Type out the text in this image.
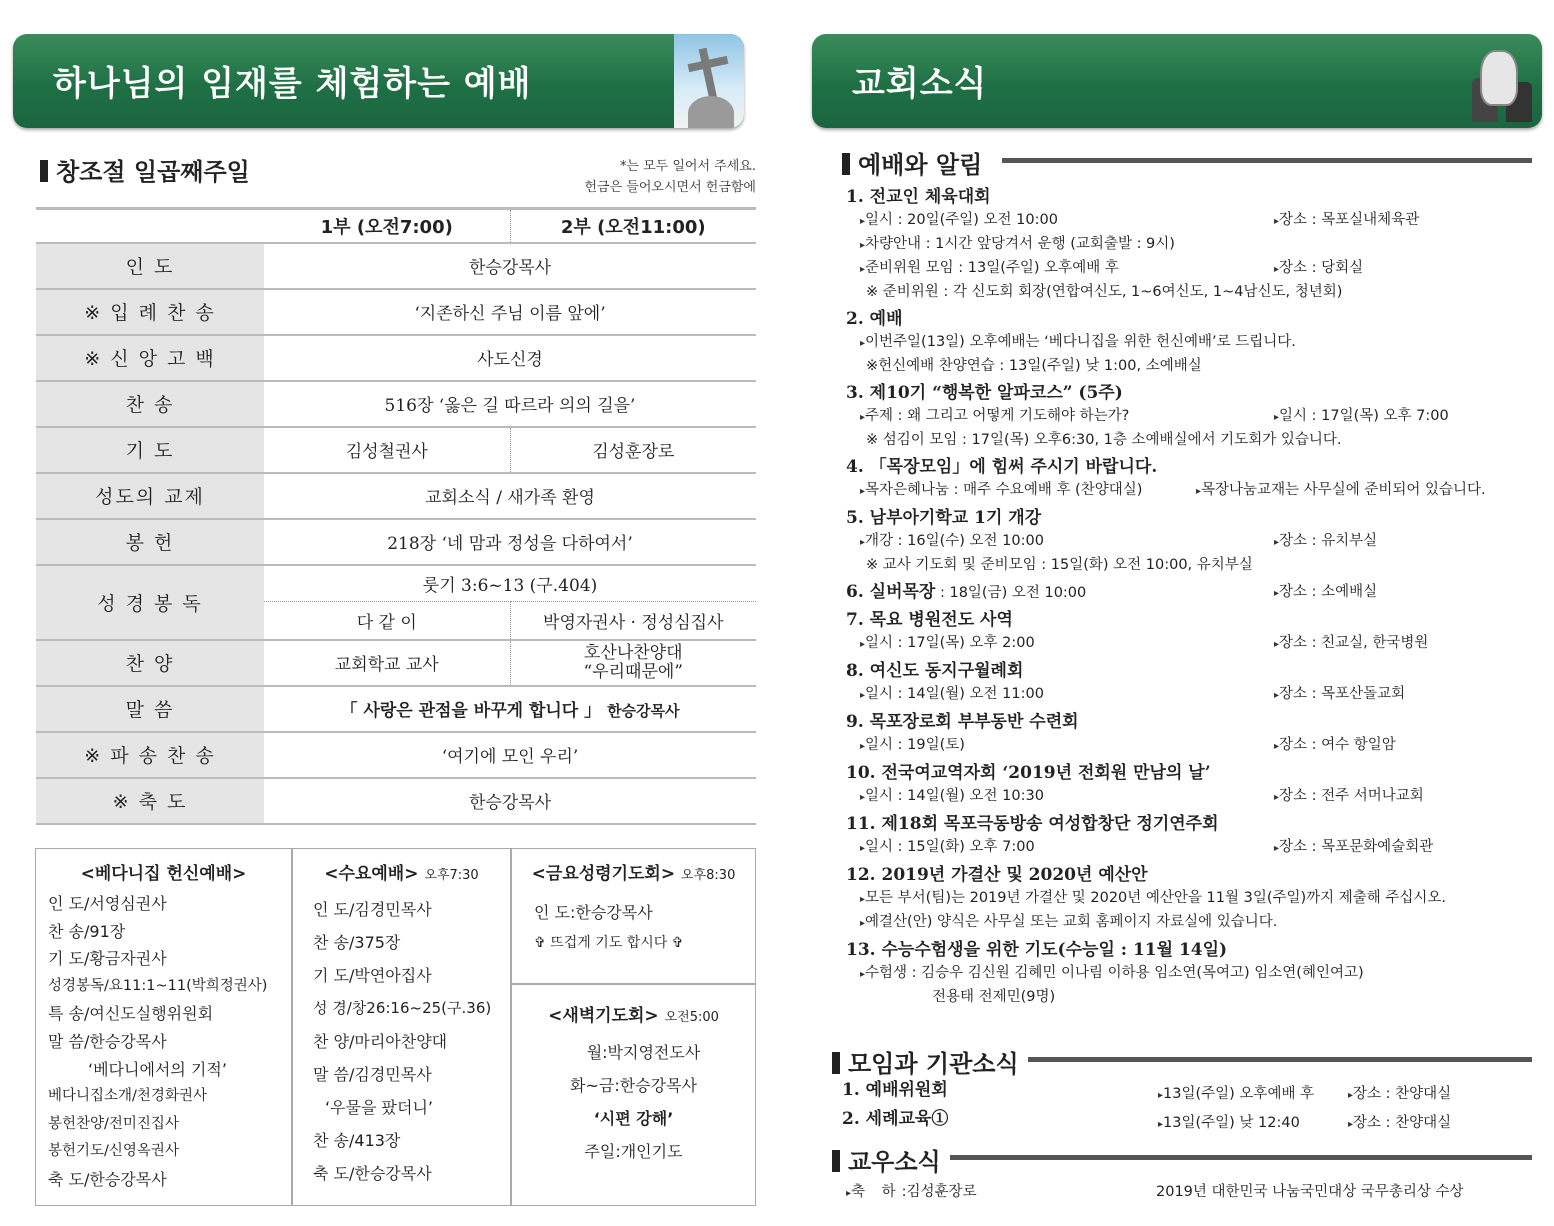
하나님의 임재를 체험하는 예배	교회소식
창조절 일곱째주일	*는 모두 일어서 주세요.
헌금은 들어오시면서 헌금함에
	1부 (오전7:00)	2부 (오전11:00)
인 도	한승강목사	
※ 입 례 찬 송	‘지존하신 주님 이름 앞에’	
※ 신 앙 고 백	사도신경	
찬 송	516장 ‘옳은 길 따르라 의의 길을’	
기 도	김성철권사	김성훈장로
성도의 교제	교회소식 / 새가족 환영	
봉 헌	218장 ‘네 맘과 정성을 다하여서’	
성 경 봉 독	룻기 3:6~13 (구.404)	
	다 같 이	박영자권사 · 정성심집사
찬 양	교회학교 교사	호산나찬양대
“우리때문에”

말 씀	「 사랑은 관점을 바꾸게 합니다 」 한승강목사	
※ 파 송 찬 송	‘여기에 모인 우리’	
※ 축 도	한승강목사	
<베다니집 헌신예배>
인 도/서영심권사
찬 송/91장
기 도/황금자권사
성경봉독/요11:1~11(박희정권사)
특 송/여신도실행위원회
말 씀/한승강목사
‘베다니에서의 기적’
베다니집소개/천경화권사
봉헌찬양/전미진집사
봉헌기도/신영옥권사
축 도/한승강목사
<수요예배> 오후7:30
인 도/김경민목사
찬 송/375장
기 도/박연아집사
성 경/창26:16~25(구.36)
찬 양/마리아찬양대
말 씀/김경민목사
‘우물을 팠더니’
찬 송/413장
축 도/한승강목사
<금요성령기도회> 오후8:30
인 도:한승강목사
✞ 뜨겁게 기도 합시다 ✞
<새벽기도회> 오전5:00
월:박지영전도사
화~금:한승강목사
‘시편 강해’
주일:개인기도
예배와 알림
1. 전교인 체육대회
▸일시 : 20일(주일) 오전 10:00	▸장소 : 목포실내체육관
▸차량안내 : 1시간 앞당겨서 운행 (교회출발 : 9시)
▸준비위원 모임 : 13일(주일) 오후예배 후	▸장소 : 당회실
※ 준비위원 : 각 신도회 회장(연합여신도, 1~6여신도, 1~4남신도, 청년회)
2. 예배
▸이번주일(13일) 오후예배는 ‘베다니집을 위한 헌신예배’로 드립니다.
※헌신예배 찬양연습 : 13일(주일) 낮 1:00, 소예배실
3. 제10기 “행복한 알파코스” (5주)
▸주제 : 왜 그리고 어떻게 기도해야 하는가?	▸일시 : 17일(목) 오후 7:00
※ 섬김이 모임 : 17일(목) 오후6:30, 1층 소예배실에서 기도회가 있습니다.
4. 「목장모임」에 힘써 주시기 바랍니다.
▸목자은혜나눔 : 매주 수요예배 후 (찬양대실)	▸목장나눔교재는 사무실에 준비되어 있습니다.
5. 남부아기학교 1기 개강
▸개강 : 16일(수) 오전 10:00	▸장소 : 유치부실
※ 교사 기도회 및 준비모임 : 15일(화) 오전 10:00, 유치부실
6. 실버목장 : 18일(금) 오전 10:00	▸장소 : 소예배실
7. 목요 병원전도 사역
▸일시 : 17일(목) 오후 2:00	▸장소 : 친교실, 한국병원
8. 여신도 동지구월례회
▸일시 : 14일(월) 오전 11:00	▸장소 : 목포산돌교회
9. 목포장로회 부부동반 수련회
▸일시 : 19일(토)	▸장소 : 여수 항일암
10. 전국여교역자회 ‘2019년 전회원 만남의 날’
▸일시 : 14일(월) 오전 10:30	▸장소 : 전주 서머나교회
11. 제18회 목포극동방송 여성합창단 정기연주회
▸일시 : 15일(화) 오후 7:00	▸장소 : 목포문화예술회관
12. 2019년 가결산 및 2020년 예산안
▸모든 부서(팀)는 2019년 가결산 및 2020년 예산안을 11월 3일(주일)까지 제출해 주십시오.
▸예결산(안) 양식은 사무실 또는 교회 홈페이지 자료실에 있습니다.
13. 수능수험생을 위한 기도(수능일 : 11월 14일)
▸수험생 : 김승우 김신원 김혜민 이나림 이하용 임소연(목여고) 임소연(혜인여고)
전용태 전제민(9명)
모임과 기관소식
1. 예배위원회	▸13일(주일) 오후예배 후	▸장소 : 찬양대실
2. 세례교육①	▸13일(주일) 낮 12:40	▸장소 : 찬양대실
교우소식
▸축 하:김성훈장로	2019년 대한민국 나눔국민대상 국무총리상 수상
